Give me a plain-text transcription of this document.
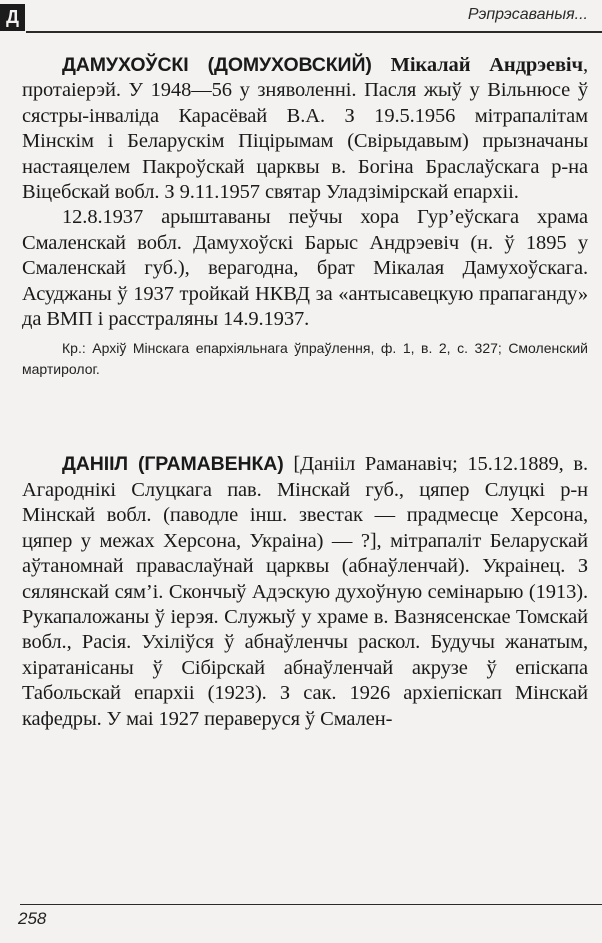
Д	Рэпрэсаваныя...

ДАМУХОЎСКІ (ДОМУХОВСКИЙ) Мікалай Андрэевіч, протаіерэй. У 1948—56 у зняволенні. Пасля жыў у Вільнюсе ў сястры-інваліда Карасёвай В.А. З 19.5.1956 мітрапалітам Мінскім і Беларускім Піцірымам (Свірыдавым) прызначаны настаяцелем Пакроўскай царквы в. Богіна Браслаўскага р-на Віцебскай вобл. З 9.11.1957 святар Уладзімірскай епархіі.

12.8.1937 арыштаваны пеўчы хора Гур’еўскага храма Смаленскай вобл. Дамухоўскі Барыс Андрэевіч (н. ў 1895 у Смаленскай губ.), верагодна, брат Мікалая Дамухоўскага. Асуджаны ў 1937 тройкай НКВД за «антысавецкую прапаганду» да ВМП і расстраляны 14.9.1937.

Кр.: Архіў Мінскага епархіяльнага ўпраўлення, ф. 1, в. 2, с. 327; Смоленский мартиролог.

ДАНІІЛ (ГРАМАВЕНКА) [Данііл Раманавіч; 15.12.1889, в. Агароднікі Слуцкага пав. Мінскай губ., цяпер Слуцкі р-н Мінскай вобл. (паводле інш. звестак — прадмесце Херсона, цяпер у межах Херсона, Украіна) — ?], мітрапаліт Беларускай аўтаномнай праваслаўнай царквы (абнаўленчай). Украінец. З сялянскай сям’і. Скончыў Адэскую духоўную семінарыю (1913). Рукапаложаны ў іерэя. Служыў у храме в. Вазнясенскае Томскай вобл., Расія. Ухіліўся ў абнаўленчы раскол. Будучы жанатым, хіратанісаны ў Сібірскай абнаўленчай акрузе ў епіскапа Табольскай епархіі (1923). З сак. 1926 архіепіскап Мінскай кафедры. У маі 1927 пераверуся ў Смален-

258
